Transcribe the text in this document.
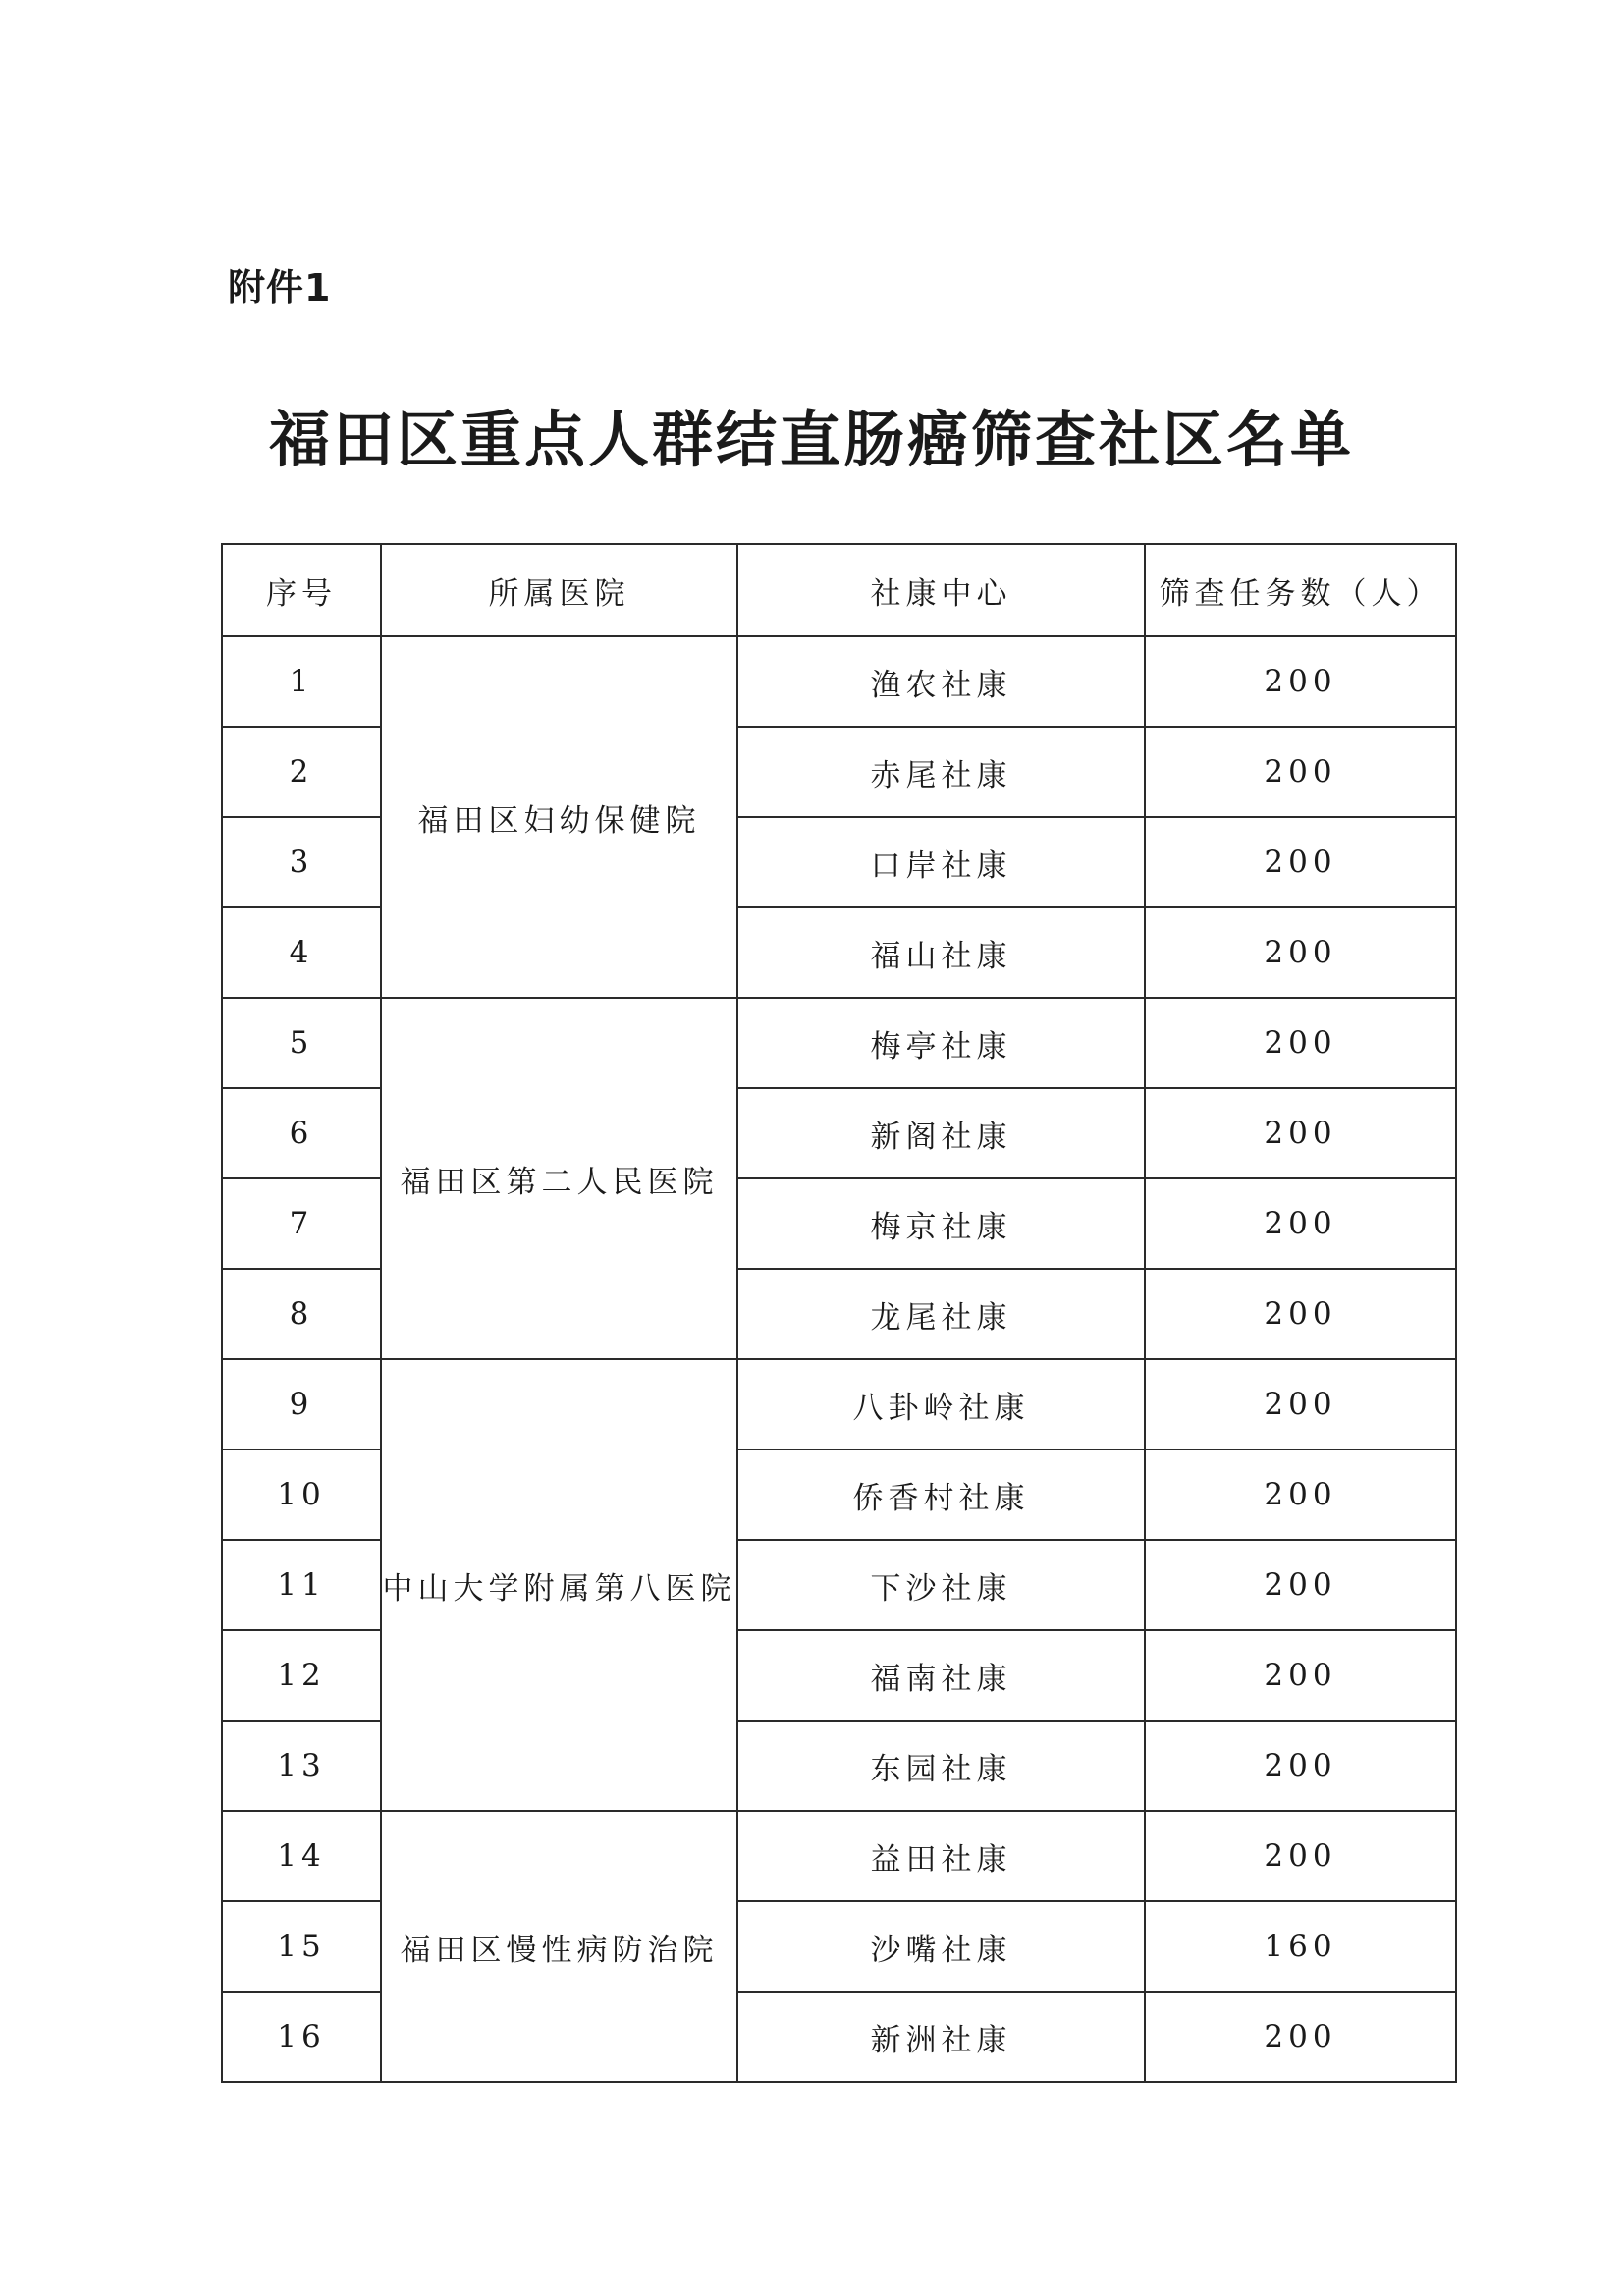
附件1
福田区重点人群结直肠癌筛查社区名单
序号	所属医院	社康中心	筛查任务数（人）
1	福田区妇幼保健院	渔农社康	200
2		赤尾社康	200
3		口岸社康	200
4		福山社康	200
5	福田区第二人民医院	梅亭社康	200
6		新阁社康	200
7		梅京社康	200
8		龙尾社康	200
9	中山大学附属第八医院	八卦岭社康	200
10		侨香村社康	200
11		下沙社康	200
12		福南社康	200
13		东园社康	200
14	福田区慢性病防治院	益田社康	200
15		沙嘴社康	160
16		新洲社康	200
